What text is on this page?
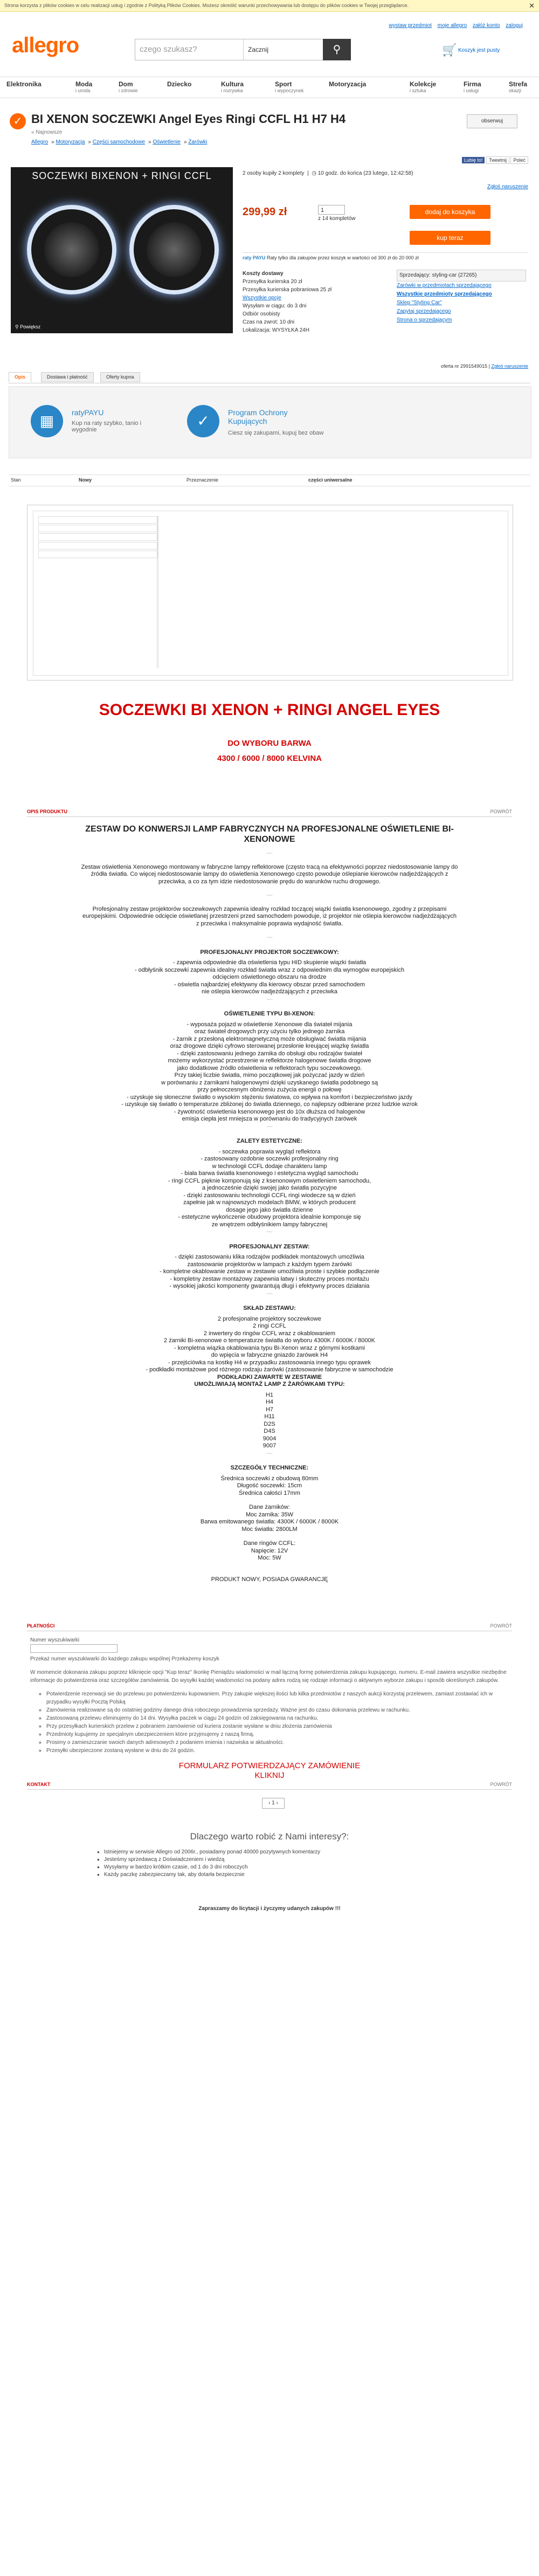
Strona korzysta z plików cookies w celu realizacji usług i zgodnie z Polityką Plików Cookies. Możesz określić warunki przechowywania lub dostępu do plików cookies w Twojej przeglądarce.	✕
wystaw przedmiot moje allegro załóż konto zaloguj
allegro	czego szukasz?	Zacznij	⚲	🛒 Koszyk jest pusty
Elektronika	Moda
i uroda
Dom
i zdrowie
Dziecko	Kultura
i rozrywka
Sport
i wypoczynek
Motoryzacja	Kolekcje
i sztuka
Firma
i usługi
Strefa
okazji
✓ BI XENON SOCZEWKI Angel Eyes Ringi CCFL H1 H7 H4	obserwuj
« Najnowsze
Allegro » Motoryzacja » Części samochodowe » Oświetlenie » Żarówki
Lubię to! Tweetnij Poleć
SOCZEWKI BIXENON + RINGI CCFL
⚲ Powiększ
2 osoby kupiły 2 komplety  |  ◷ 10 godz. do końca (23 lutego, 12:42:58)
Zgłoś naruszenie
299,99 zł	1
z 14 kompletów
dodaj do koszyka
kup teraz
raty PAYU Raty tylko dla zakupów przez koszyk w wartości od 300 zł do 20 000 zł
Koszty dostawy
Przesyłka kurierska 20 zł
Przesyłka kurierska pobraniowa 25 zł
Wszystkie opcje
Wysyłam w ciągu: do 3 dni
Odbiór osobisty
Czas na zwrot: 10 dni
Lokalizacja: WYSYŁKA 24H
Sprzedający: styling-car (27265)
Zarówki w przedmiotach sprzedającego
Wszystkie przedmioty sprzedającego
Sklep "Styling Car"
Zapytaj sprzedającego
Strona o sprzedającym
oferta nr 2991549015 | Zgłoś naruszenie
Opis	Dostawa i płatność	Oferty kupna
▦	ratyPAYU
Kup na raty szybko, tanio i wygodnie
✓	Program Ochrony Kupujących
Ciesz się zakupami, kupuj bez obaw
Stan	Nowy	Przeznaczenie	części uniwersalne
SOCZEWKI BI XENON + RINGI ANGEL EYES
DO WYBORU BARWA
4300 / 6000 / 8000 KELVINA
OPIS PRODUKTU	POWRÓT
ZESTAW DO KONWERSJI LAMP FABRYCZNYCH NA PROFESJONALNE OŚWIETLENIE BI-XENONOWE
—
Zestaw oświetlenia Xenonowego montowany w fabryczne lampy reflektorowe (często tracą na efektywności poprzez niedostosowanie lampy do źródła światła. Co więcej niedostosowanie lampy do oświetlenia Xenonowego często powoduje oślepianie kierowców nadjeżdżających z przeciwka, a co za tym idzie niedostosowanie prędu do warunków ruchu drogowego.
—
Profesjonalny zestaw projektorów soczewkowych zapewnia idealny rozkład toczącej wiązki światła ksenonowego, zgodny z przepisami europejskimi. Odpowiednie odcięcie oświetlanej przestrzeni przed samochodem powoduje, iż projektor nie oślepia kierowców nadjeżdżających z przeciwka i maksymalnie poprawia wydajność światła.
—
PROFESJONALNY PROJEKTOR SOCZEWKOWY:
- zapewnia odpowiednie dla oświetlenia typu HID skupienie wiązki światła
- odbłyśnik soczewki zapewnia idealny rozkład światła wraz z odpowiednim dla wymogów europejskich
odcięciem oświetlonego obszaru na drodze
- oświetla najbardziej efektywny dla kierowcy obszar przed samochodem
nie oślepia kierowców nadjeżdżających z przeciwka
—
OŚWIETLENIE TYPU BI-XENON:
- wyposaża pojazd w oświetlenie Xenonowe dla świateł mijania
oraz świateł drogowych przy użyciu tylko jednego żarnika
- żarnik z przesłoną elektromagnetyczną może obsługiwać światła mijania
oraz drogowe dzięki cyfrowo sterowanej przesłonie kreującej wiązkę światła
- dzięki zastosowaniu jednego żarnika do obsługi obu rodzajów świateł
możemy wykorzystać przestrzenie w reflektorze halogenowe światła drogowe
jako dodatkowe źródło oświetlenia w reflektorach typu soczewkowego.
Przy takiej liczbie światła, mimo początkowej jak pożyczać jazdy w dzień
w porównaniu z żarnikami halogenowymi dzięki uzyskanego światła podobnego są
przy pełnoczesnym obniżeniu zużycia energii o połowę
- uzyskuje się słoneczne światło o wysokim stężeniu światowa, co wpływa na komfort i bezpieczeństwo jazdy
- uzyskuje się światło o temperaturze zbliżonej do światła dziennego, co najlepszy odbierane przez ludzkie wzrok
- żywotność oświetlenia ksenonowego jest do 10x dłuższa od halogenów
emisja ciepła jest mniejsza w porównaniu do tradycyjnych żarówek
—
ZALETY ESTETYCZNE:
- soczewka poprawia wygląd reflektora
- zastosowany ozdobnie soczewki profesjonalny ring
w technologii CCFL dodaje charakteru lamp
- biała barwa światła ksenonowego i estetyczna wygląd samochodu
- ringi CCFL pięknie komponują się z ksenonowym oświetleniem samochodu,
a jednocześnie dzięki swojej jako światła pozycyjne
- dzięki zastosowaniu technologii CCFL ringi wiodecze są w dzień
zapełnie jak w najnowszych modelach BMW, w których producent
dosage jego jako światła dzienne
- estetyczne wykończenie obudowy projektora idealnie komponuje się
ze wnętrzem odbłyśnikiem lampy fabrycznej
—
PROFESJONALNY ZESTAW:
- dzięki zastosowaniu klika rodzajów podkładek montażowych umożliwia
zastosowanie projektorów w lampach z każdym typem żarówki
- kompletne okablowanie zestaw w zestawie umożliwia proste i szybkie podłączenie
- kompletny zestaw montażowy zapewnia łatwy i skuteczny proces montażu
- wysokiej jakości komponenty gwarantują długi i efektywny proces działania
—
SKŁAD ZESTAWU:
2 profesjonalne projektory soczewkowe
2 ringi CCFL
2 inwertery do ringów CCFL wraz z okablowaniem
2 żarniki Bi-xenonowe o temperaturze światła do wyboru 4300K / 6000K / 8000K
- kompletna wiązka okablowania typu Bi-Xenon wraz z górnymi kostkami
do wpięcia w fabryczne gniazdo żarówek H4
- przejściówka na kostkę H4 w przypadku zastosowania innego typu oprawek
- podkładki montażowe pod różnego rodzaju żarówki (zastosowanie fabryczne w samochodzie
PODKŁADKI ZAWARTE W ZESTAWIE
UMOŻLIWIAJĄ MONTAŻ LAMP Z ŻARÓWKAMI TYPU:
H1
H4
H7
H11
D2S
D4S
9004
9007
—
SZCZEGÓŁY TECHNICZNE:
Średnica soczewki z obudową 80mm
Długość soczewki: 15cm
Średnica całości 17mm
Dane żarników:
Moc żarnika: 35W
Barwa emitowanego światła: 4300K / 6000K / 8000K
Moc światła: 2800LM
Dane ringów CCFL:
Napięcie: 12V
Moc: 5W
PRODUKT NOWY, POSIADA GWARANCJĘ
PŁATNOŚCI	POWRÓT
Numer wyszukiwarki
Przekaż numer wyszukiwarki do każdego zakupu wspólnej Przekażemy koszyk
W momencie dokonania zakupu poprzez kliknięcie opcji "Kup teraz" Ikonkę Pieniądzu wiadomości w mail łączną formę potwierdzenia zakupu kupującego, numeru. E-mail zawiera wszystkie niezbędne informacje do potwierdzenia oraz szczegółów zamówienia. Do wysyłki każdej wiadomości na podany adres rodzą się rodzaje informacji o aktywnym wyborze zakupu i sposób określonych zakupów.
■ Potwierdzenie rezerwacji sie do przelewu po potwierdzeniu kupowaniem. Przy zakupie większej ilości lub kilka przedmiotów z naszych aukcji korzystaj przelewem, zamiast zostawiać ich w przypadku wysyłki Pocztą Polską
■ Zamówienia realizowane są do ostatniej godziny danego dnia roboczego prowadzenia sprzedaży. Ważne jest do czasu dokonania przelewu w rachunku.
■ Zastosowaną przelewu eliminujemy do 14 dni. Wysyłka paczek w ciągu 24 godzin od zaksięgowania na rachunku.
■ Przy przesyłkach kurierskich przelew z pobraniem zamówienie od kuriera zostanie wysłane w dniu złożenia zamówienia
■ Przedmioty kupujemy ze specjalnym ubezpieczeniem które przyjmujemy z naszą firmą.
■ Prosimy o zamieszczanie swoich danych adresowych z podaniem imienia i nazwiska w aktualności.
■ Przesyłki ubezpieczone zostaną wysłane w dniu do 24 godzin.
FORMULARZ POTWIERDZAJĄCY ZAMÓWIENIE
KLIKNIJ
KONTAKT	POWRÓT
‹ 1 ›
Dlaczego warto robić z Nami interesy?:
● Istniejemy w serwisie Allegro od 2006r., posiadamy ponad 40000 pozytywnych komentarzy
● Jesteśmy sprzedawcą z Doświadczeniem i wiedzą
● Wysyłamy w bardzo krótkim czasie, od 1 do 3 dni roboczych
● Każdy paczkę zabezpieczamy tak, aby dotarła bezpiecznie
Zapraszamy do licytacji i życzymy udanych zakupów !!!
